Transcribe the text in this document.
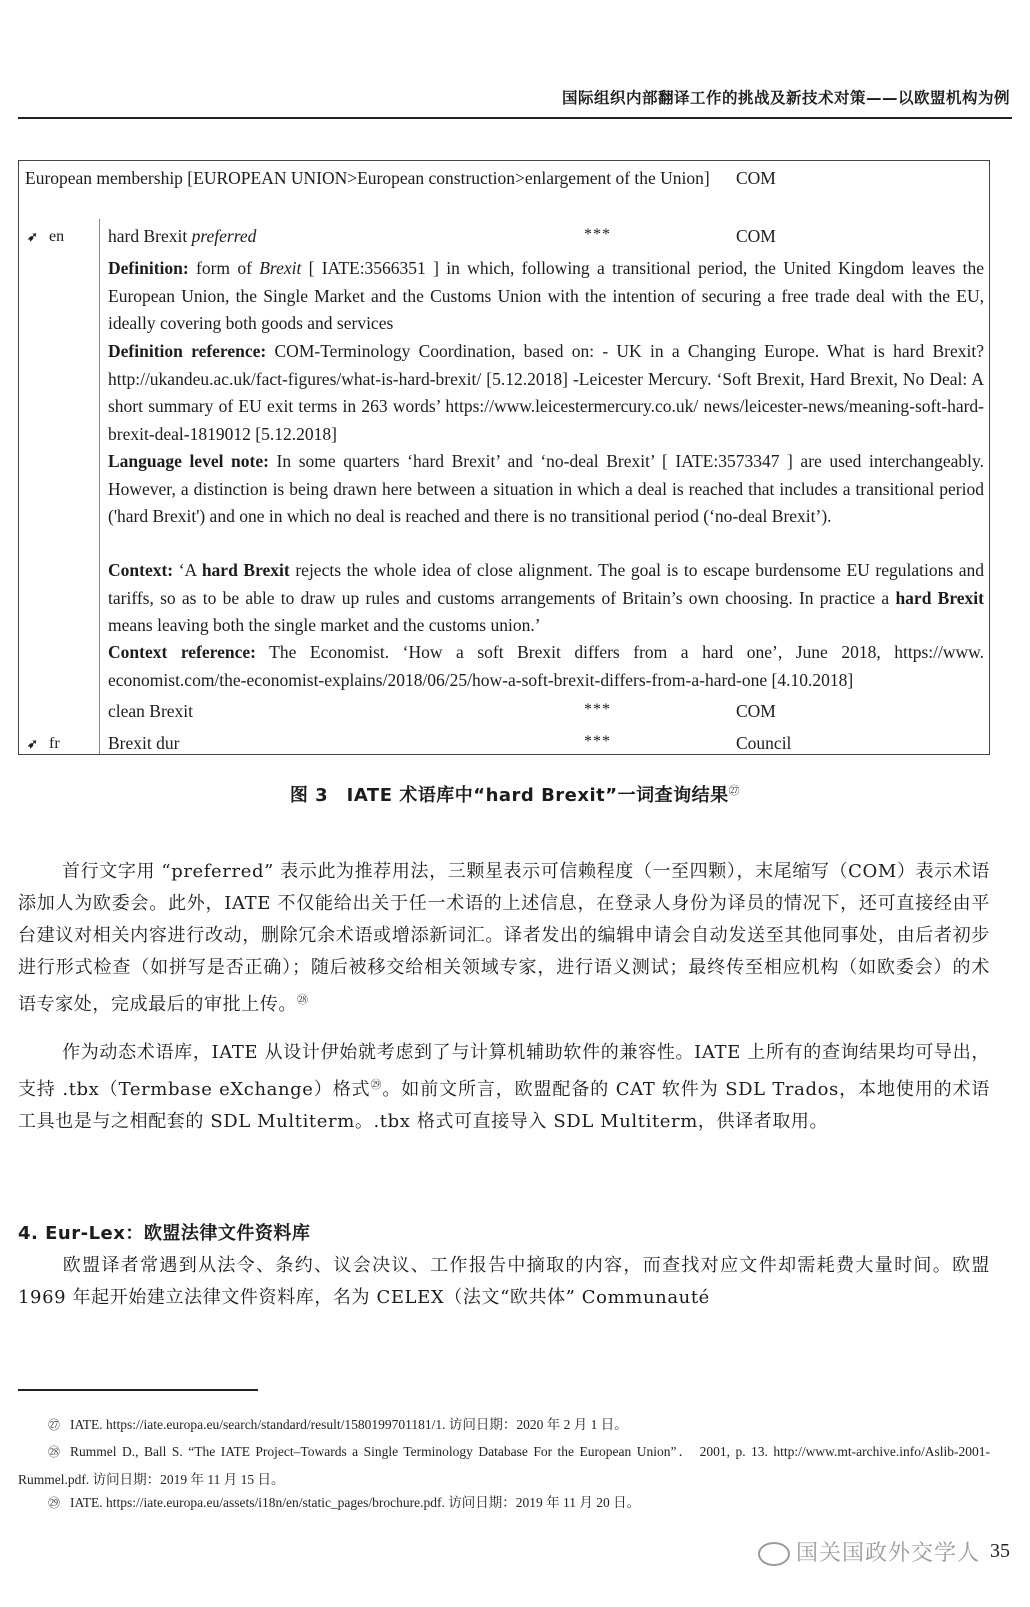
国际组织内部翻译工作的挑战及新技术对策——以欧盟机构为例
European membership [EUROPEAN UNION>European construction>enlargement of the Union]	COM
➶ en	hard Brexit preferred	***	COM
Definition: form of Brexit [ IATE:3566351 ] in which, following a transitional period, the United Kingdom leaves the European Union, the Single Market and the Customs Union with the intention of securing a free trade deal with the EU, ideally covering both goods and services
Definition reference: COM-Terminology Coordination, based on: - UK in a Changing Europe. What is hard Brexit? http://ukandeu.ac.uk/fact-figures/what-is-hard-brexit/ [5.12.2018] -Leicester Mercury. ‘Soft Brexit, Hard Brexit, No Deal: A short summary of EU exit terms in 263 words’ https://www.leicestermercury.co.uk/ news/leicester-news/meaning-soft-hard-brexit-deal-1819012 [5.12.2018]
Language level note: In some quarters ‘hard Brexit’ and ‘no-deal Brexit’ [ IATE:3573347 ] are used interchangeably. However, a distinction is being drawn here between a situation in which a deal is reached that includes a transitional period ('hard Brexit') and one in which no deal is reached and there is no transitional period (‘no-deal Brexit’).
Context: ‘A hard Brexit rejects the whole idea of close alignment. The goal is to escape burdensome EU regulations and tariffs, so as to be able to draw up rules and customs arrangements of Britain’s own choosing. In practice a hard Brexit means leaving both the single market and the customs union.’
Context reference: The Economist. ‘How a soft Brexit differs from a hard one’, June 2018, https://www. economist.com/the-economist-explains/2018/06/25/how-a-soft-brexit-differs-from-a-hard-one [4.10.2018]
clean Brexit	***	COM
➶ fr	Brexit dur	***	Council
图 3　IATE 术语库中“hard Brexit”一词查询结果$^㉗$
首行文字用 “preferred” 表示此为推荐用法，三颗星表示可信赖程度（一至四颗），末尾缩写（COM）表示术语添加人为欧委会。此外，IATE 不仅能给出关于任一术语的上述信息，在登录人身份为译员的情况下，还可直接经由平台建议对相关内容进行改动，删除冗余术语或增添新词汇。译者发出的编辑申请会自动发送至其他同事处，由后者初步进行形式检查（如拼写是否正确）；随后被移交给相关领域专家，进行语义测试；最终传至相应机构（如欧委会）的术语专家处，完成最后的审批上传。$^㉘$
作为动态术语库，IATE 从设计伊始就考虑到了与计算机辅助软件的兼容性。IATE 上所有的查询结果均可导出，支持 .tbx（Termbase eXchange）格式$^㉙$。如前文所言，欧盟配备的 CAT 软件为 SDL Trados，本地使用的术语工具也是与之相配套的 SDL Multiterm。.tbx 格式可直接导入 SDL Multiterm，供译者取用。
4. Eur-Lex：欧盟法律文件资料库
欧盟译者常遇到从法令、条约、议会决议、工作报告中摘取的内容，而查找对应文件却需耗费大量时间。欧盟 1969 年起开始建立法律文件资料库，名为 CELEX（法文“欧共体” Communauté
㉗ IATE. https://iate.europa.eu/search/standard/result/1580199701181/1. 访问日期：2020 年 2 月 1 日。
㉘ Rummel D., Ball S. “The IATE Project–Towards a Single Terminology Database For the European Union”． 2001, p. 13. http://www.mt-archive.info/Aslib-2001-Rummel.pdf. 访问日期：2019 年 11 月 15 日。
㉙ IATE. https://iate.europa.eu/assets/i18n/en/static_pages/brochure.pdf. 访问日期：2019 年 11 月 20 日。
国关国政外交学人 35
